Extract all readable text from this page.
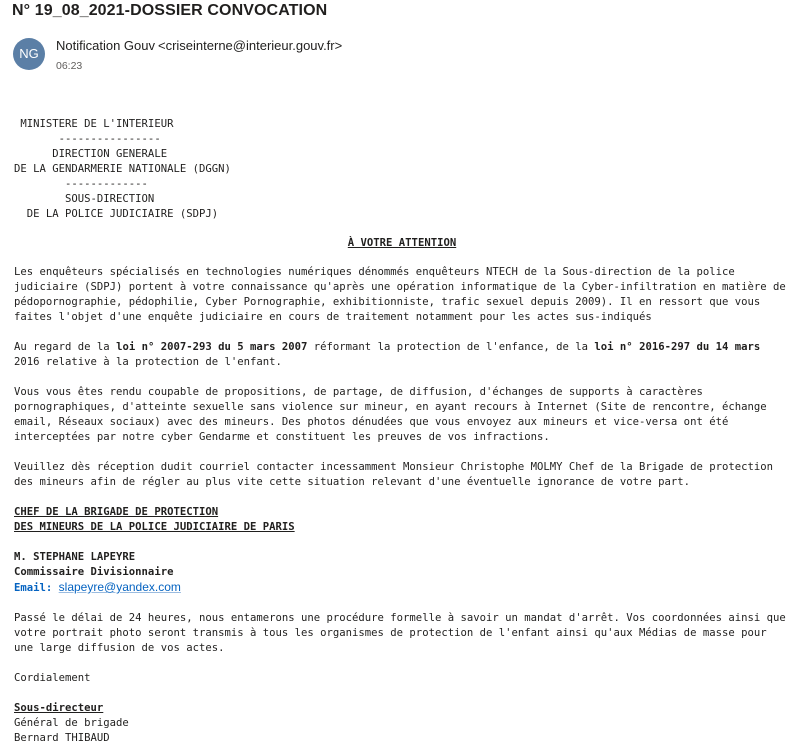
N° 19_08_2021-DOSSIER CONVOCATION
NG
Notification Gouv <criseinterne@interieur.gouv.fr>
06:23
MINISTERE DE L'INTERIEUR
----------------
DIRECTION GENERALE
DE LA GENDARMERIE NATIONALE (DGGN)
-------------
SOUS-DIRECTION
DE LA POLICE JUDICIAIRE (SDPJ)
À VOTRE ATTENTION
Les enquêteurs spécialisés en technologies numériques dénommés enquêteurs NTECH de la Sous-direction de la police judiciaire (SDPJ) portent à votre connaissance qu'après une opération informatique de la Cyber-infiltration en matière de pédopornographie, pédophilie, Cyber Pornographie, exhibitionniste, trafic sexuel depuis 2009). Il en ressort que vous faites l'objet d'une enquête judiciaire en cours de traitement notamment pour les actes sus-indiqués
Au regard de la loi n° 2007-293 du 5 mars 2007 réformant la protection de l'enfance, de la loi n° 2016-297 du 14 mars 2016 relative à la protection de l'enfant.
Vous vous êtes rendu coupable de propositions, de partage, de diffusion, d'échanges de supports à caractères pornographiques, d'atteinte sexuelle sans violence sur mineur, en ayant recours à Internet (Site de rencontre, échange email, Réseaux sociaux) avec des mineurs. Des photos dénudées que vous envoyez aux mineurs et vice-versa ont été interceptées par notre cyber Gendarme et constituent les preuves de vos infractions.
Veuillez dès réception dudit courriel contacter incessamment Monsieur Christophe MOLMY Chef de la Brigade de protection des mineurs afin de régler au plus vite cette situation relevant d'une éventuelle ignorance de votre part.
CHEF DE LA BRIGADE DE PROTECTION
DES MINEURS DE LA POLICE JUDICIAIRE DE PARIS
M. STEPHANE LAPEYRE
Commissaire Divisionnaire
Email: slapeyre@yandex.com
Passé le délai de 24 heures, nous entamerons une procédure formelle à savoir un mandat d'arrêt. Vos coordonnées ainsi que votre portrait photo seront transmis à tous les organismes de protection de l'enfant ainsi qu'aux Médias de masse pour une large diffusion de vos actes.
Cordialement
Sous-directeur
Général de brigade
Bernard THIBAUD
